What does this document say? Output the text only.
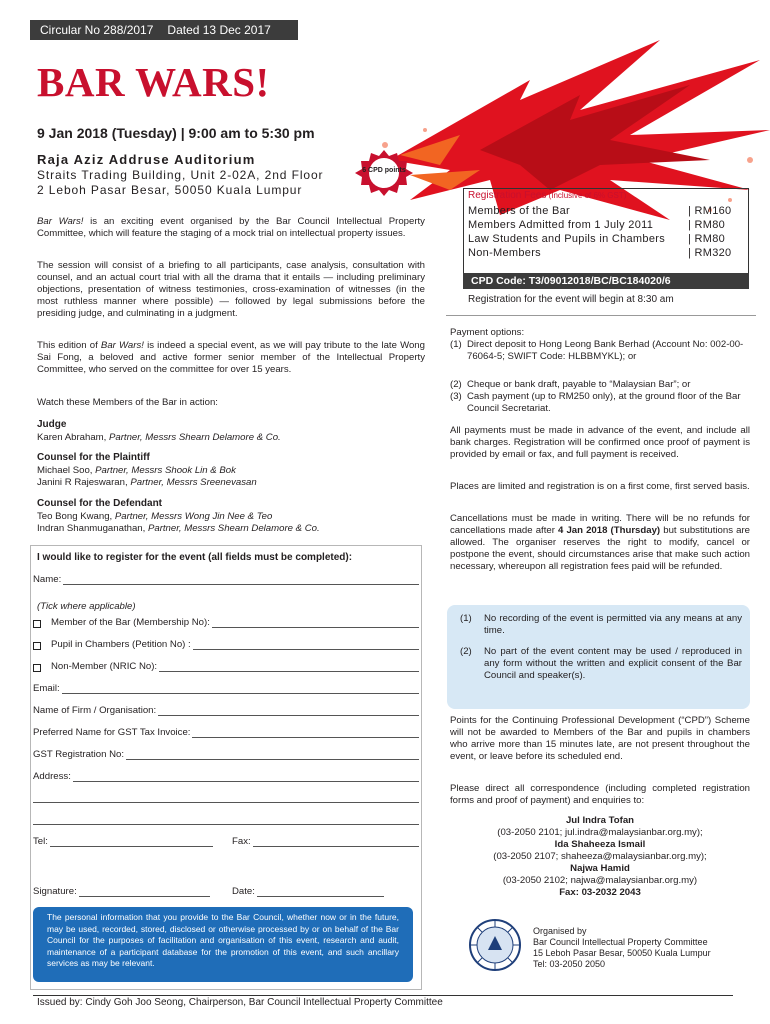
Circular No 288/2017 Dated 13 Dec 2017
BAR WARS!
9 Jan 2018 (Tuesday) | 9:00 am to 5:30 pm
Raja Aziz Addruse Auditorium
Straits Trading Building, Unit 2-02A, 2nd Floor
2 Leboh Pasar Besar, 50050 Kuala Lumpur
6 CPD points
Bar Wars! is an exciting event organised by the Bar Council Intellectual Property Committee, which will feature the staging of a mock trial on intellectual property issues.
The session will consist of a briefing to all participants, case analysis, consultation with counsel, and an actual court trial with all the drama that it entails — including preliminary objections, presentation of witness testimonies, cross-examination of witnesses (in the most ruthless manner where possible) — followed by legal submissions before the presiding judge, and culminating in a judgment.
This edition of Bar Wars! is indeed a special event, as we will pay tribute to the late Wong Sai Fong, a beloved and active former senior member of the Intellectual Property Committee, who served on the committee for over 15 years.
Watch these Members of the Bar in action:
Judge
Karen Abraham, Partner, Messrs Shearn Delamore & Co.
Counsel for the Plaintiff
Michael Soo, Partner, Messrs Shook Lin & Bok
Janini R Rajeswaran, Partner, Messrs Sreenevasan
Counsel for the Defendant
Teo Bong Kwang, Partner, Messrs Wong Jin Nee & Teo
Indran Shanmuganathan, Partner, Messrs Shearn Delamore & Co.
I would like to register for the event (all fields must be completed):
Name:
(Tick where applicable)
Member of the Bar (Membership No):
Pupil in Chambers (Petition No) :
Non-Member (NRIC No):
Email:
Name of Firm / Organisation:
Preferred Name for GST Tax Invoice:
GST Registration No:
Address:
Tel:	Fax:
Signature:	Date:
The personal information that you provide to the Bar Council, whether now or in the future, may be used, recorded, stored, disclosed or otherwise processed by or on behalf of the Bar Council for the purposes of facilitation and organisation of this event, research and audit, maintenance of a participant database for the promotion of this event, and such ancillary services as may be relevant.
Registration Fees (Inclusive of 6% GST)
Members of the Bar	| RM160
Members Admitted from 1 July 2011	| RM80
Law Students and Pupils in Chambers | RM80
Non-Members	| RM320
CPD Code: T3/09012018/BC/BC184020/6
Registration for the event will begin at 8:30 am
Payment options:
(1) Direct deposit to Hong Leong Bank Berhad (Account No: 002-00-76064-5; SWIFT Code: HLBBMYKL); or
(2) Cheque or bank draft, payable to “Malaysian Bar”; or
(3) Cash payment (up to RM250 only), at the ground floor of the Bar Council Secretariat.
All payments must be made in advance of the event, and include all bank charges. Registration will be confirmed once proof of payment is provided by email or fax, and full payment is received.
Places are limited and registration is on a first come, first served basis.
Cancellations must be made in writing. There will be no refunds for cancellations made after 4 Jan 2018 (Thursday) but substitutions are allowed. The organiser reserves the right to modify, cancel or postpone the event, should circumstances arise that make such action necessary, whereupon all registration fees paid will be refunded.
(1)	No recording of the event is permitted via any means at any time.
(2)	No part of the event content may be used / reproduced in any form without the written and explicit consent of the Bar Council and speaker(s).
Points for the Continuing Professional Development (“CPD”) Scheme will not be awarded to Members of the Bar and pupils in chambers who arrive more than 15 minutes late, are not present throughout the event, or leave before its scheduled end.
Please direct all correspondence (including completed registration forms and proof of payment) and enquiries to:
Jul Indra Tofan
(03-2050 2101; jul.indra@malaysianbar.org.my);
Ida Shaheeza Ismail
(03-2050 2107; shaheeza@malaysianbar.org.my);
Najwa Hamid
(03-2050 2102; najwa@malaysianbar.org.my)
Fax: 03-2032 2043
Organised by
Bar Council Intellectual Property Committee
15 Leboh Pasar Besar, 50050 Kuala Lumpur
Tel: 03-2050 2050
Issued by: Cindy Goh Joo Seong, Chairperson, Bar Council Intellectual Property Committee
